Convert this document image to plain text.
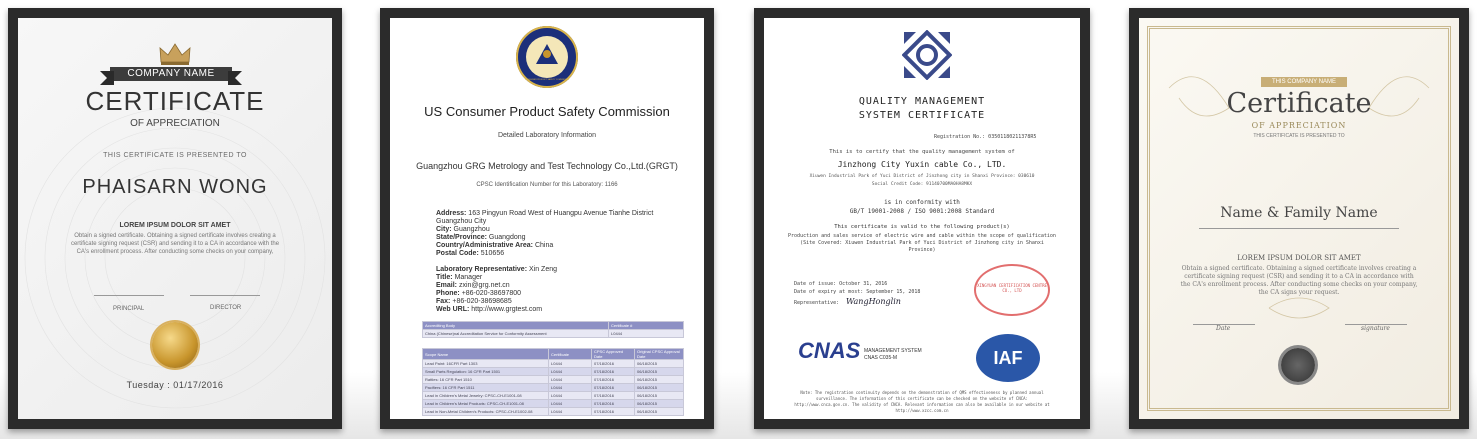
COMPANY NAME
CERTIFICATE
OF APPRECIATION
THIS CERTIFICATE IS PRESENTED TO
PHAISARN WONG
LOREM IPSUM DOLOR SIT AMET
Obtain a signed certificate. Obtaining a signed certificate involves creating a certificate signing request (CSR) and sending it to a CA in accordance with the CA's enrollment process. After conducting some checks on your company,
PRINCIPAL	DIRECTOR
Tuesday : 01/17/2016
CONSUMER PRODUCT SAFETY COMMISSION
US Consumer Product Safety Commission
Detailed Laboratory Information
Guangzhou GRG Metrology and Test Technology Co.,Ltd.(GRGT)
CPSC Identification Number for this Laboratory: 1166
Address: 163 Pingyun Road West of Huangpu Avenue Tianhe District Guangzhou City
City: Guangzhou
State/Province: Guangdong
Country/Administrative Area: China
Postal Code: 510656
Laboratory Representative: Xin Zeng
Title: Manager
Email: zxin@grg.net.cn
Phone: +86-020-38697800
Fax: +86-020-38698685
Web URL: http://www.grgtest.com
Accrediting Body	Certificate #
China (Chinese)nal Accreditation Service for Conformity Assessment	L0444
Scope Name	Certificate	CPSC Approved Date	Original CPSC Approval Date
Lead Paint: 16CFR Part 1303	L0444	07/18/2016	06/18/2015
Small Parts Regulation: 16 CFR Part 1501	L0444	07/18/2016	06/18/2015
Rattles: 16 CFR Part 1510	L0444	07/18/2016	06/18/2015
Pacifiers: 16 CFR Part 1511	L0444	07/18/2016	06/18/2015
Lead in Children's Metal Jewelry: CPSC-CH-E1001-08	L0444	07/18/2016	06/18/2015
Lead in Children's Metal Products: CPSC-CH-E1001-08	L0444	07/18/2016	06/18/2015
Lead in Non-Metal Children's Products: CPSC-CH-E1002-08	L0444	07/18/2016	06/18/2015
QUALITY MANAGEMENT
SYSTEM CERTIFICATE
Registration No.: 03501180211378R5
This is to certify that the quality management system of
Jinzhong City Yuxin cable Co., LTD.
Xiuwen Industrial Park of Yuci District of Jinzhong city in Shanxi Province: 030610
Social Credit Code: 91140700MA0HA8MKX
is in conformity with
GB/T 19001-2008 / ISO 9001:2008 Standard
This certificate is valid to the following product(s)
Production and sales service of electric wire and cable within the scope of qualification (Site Covered: Xiuwen Industrial Park of Yuci District of Jinzhong city in Shanxi Province)
Date of issue: October 31, 2016
Date of expiry at most: September 15, 2018
Representative: WangHonglin
XINGYUAN CERTIFICATION CENTRE CO., LTD
CNAS MANAGEMENT SYSTEM
CNAS C035-M	IAF
Note: The registration continuity depends on the demonstration of QMS effectiveness by planned annual surveillance. The information of this certificate can be checked on the website of CNCA: http://www.cnca.gov.cn. The validity of CNCA. Relevant information can also be available in our website at http://www.xzcc.com.cn
THIS COMPANY NAME
Certificate
OF APPRECIATION
THIS CERTIFICATE IS PRESENTED TO
Name & Family Name
LOREM IPSUM DOLOR SIT AMET
Obtain a signed certificate. Obtaining a signed certificate involves creating a certificate signing request (CSR) and sending it to a CA in accordance with the CA's enrollment process. After conducting some checks on your company, the CA signs your request.
Date	signature
